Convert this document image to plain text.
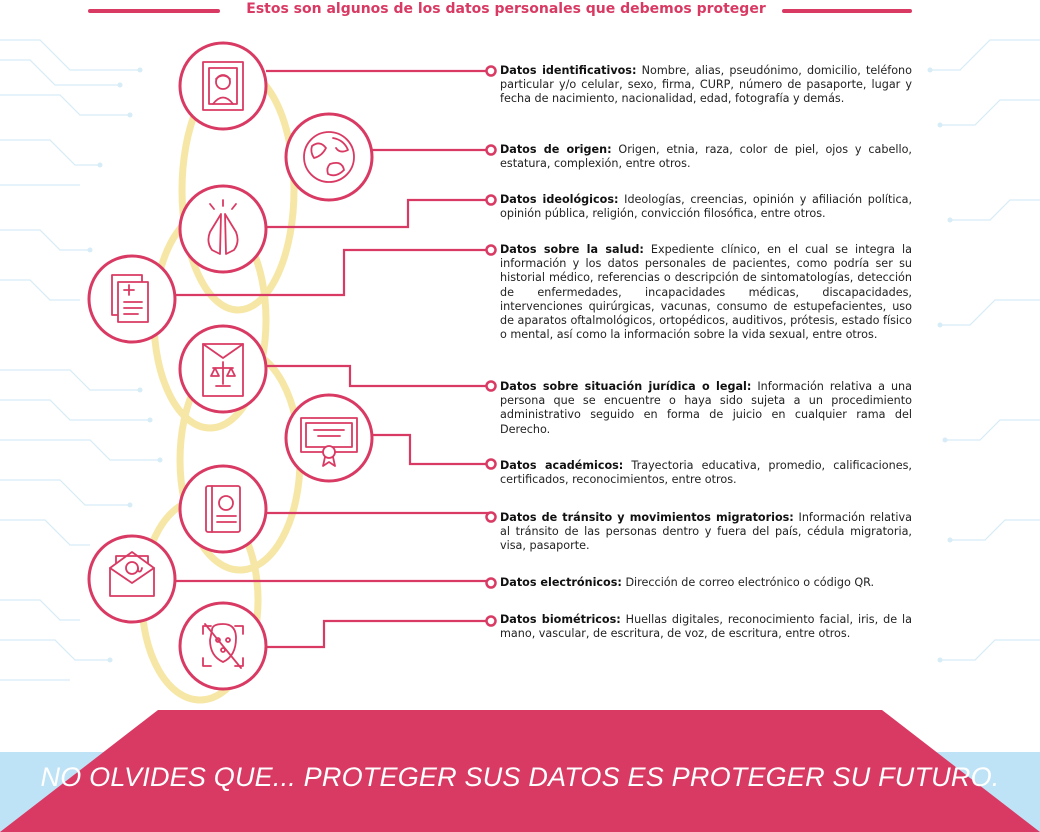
Estos son algunos de los datos personales que debemos proteger
Datos identificativos: Nombre, alias, pseudónimo, domicilio, teléfono particular y/o celular, sexo, firma, CURP, número de pasaporte, lugar y fecha de nacimiento, nacionalidad, edad, fotografía y demás.
Datos de origen: Origen, etnia, raza, color de piel, ojos y cabello, estatura, complexión, entre otros.
Datos ideológicos: Ideologías, creencias, opinión y afiliación política, opinión pública, religión, convicción filosófica, entre otros.
Datos sobre la salud: Expediente clínico, en el cual se integra la información y los datos personales de pacientes, como podría ser su historial médico, referencias o descripción de sintomatologías, detección de enfermedades, incapacidades médicas, discapacidades, intervenciones quirúrgicas, vacunas, consumo de estupefacientes, uso de aparatos oftalmológicos, ortopédicos, auditivos, prótesis, estado físico o mental, así como la información sobre la vida sexual, entre otros.
Datos sobre situación jurídica o legal: Información relativa a una persona que se encuentre o haya sido sujeta a un procedimiento administrativo seguido en forma de juicio en cualquier rama del Derecho.
Datos académicos: Trayectoria educativa, promedio, calificaciones, certificados, reconocimientos, entre otros.
Datos de tránsito y movimientos migratorios: Información relativa al tránsito de las personas dentro y fuera del país, cédula migratoria, visa, pasaporte.
Datos electrónicos: Dirección de correo electrónico o código QR.
Datos biométricos: Huellas digitales, reconocimiento facial, iris, de la mano, vascular, de escritura, de voz, de escritura, entre otros.
NO OLVIDES QUE... PROTEGER SUS DATOS ES PROTEGER SU FUTURO.
